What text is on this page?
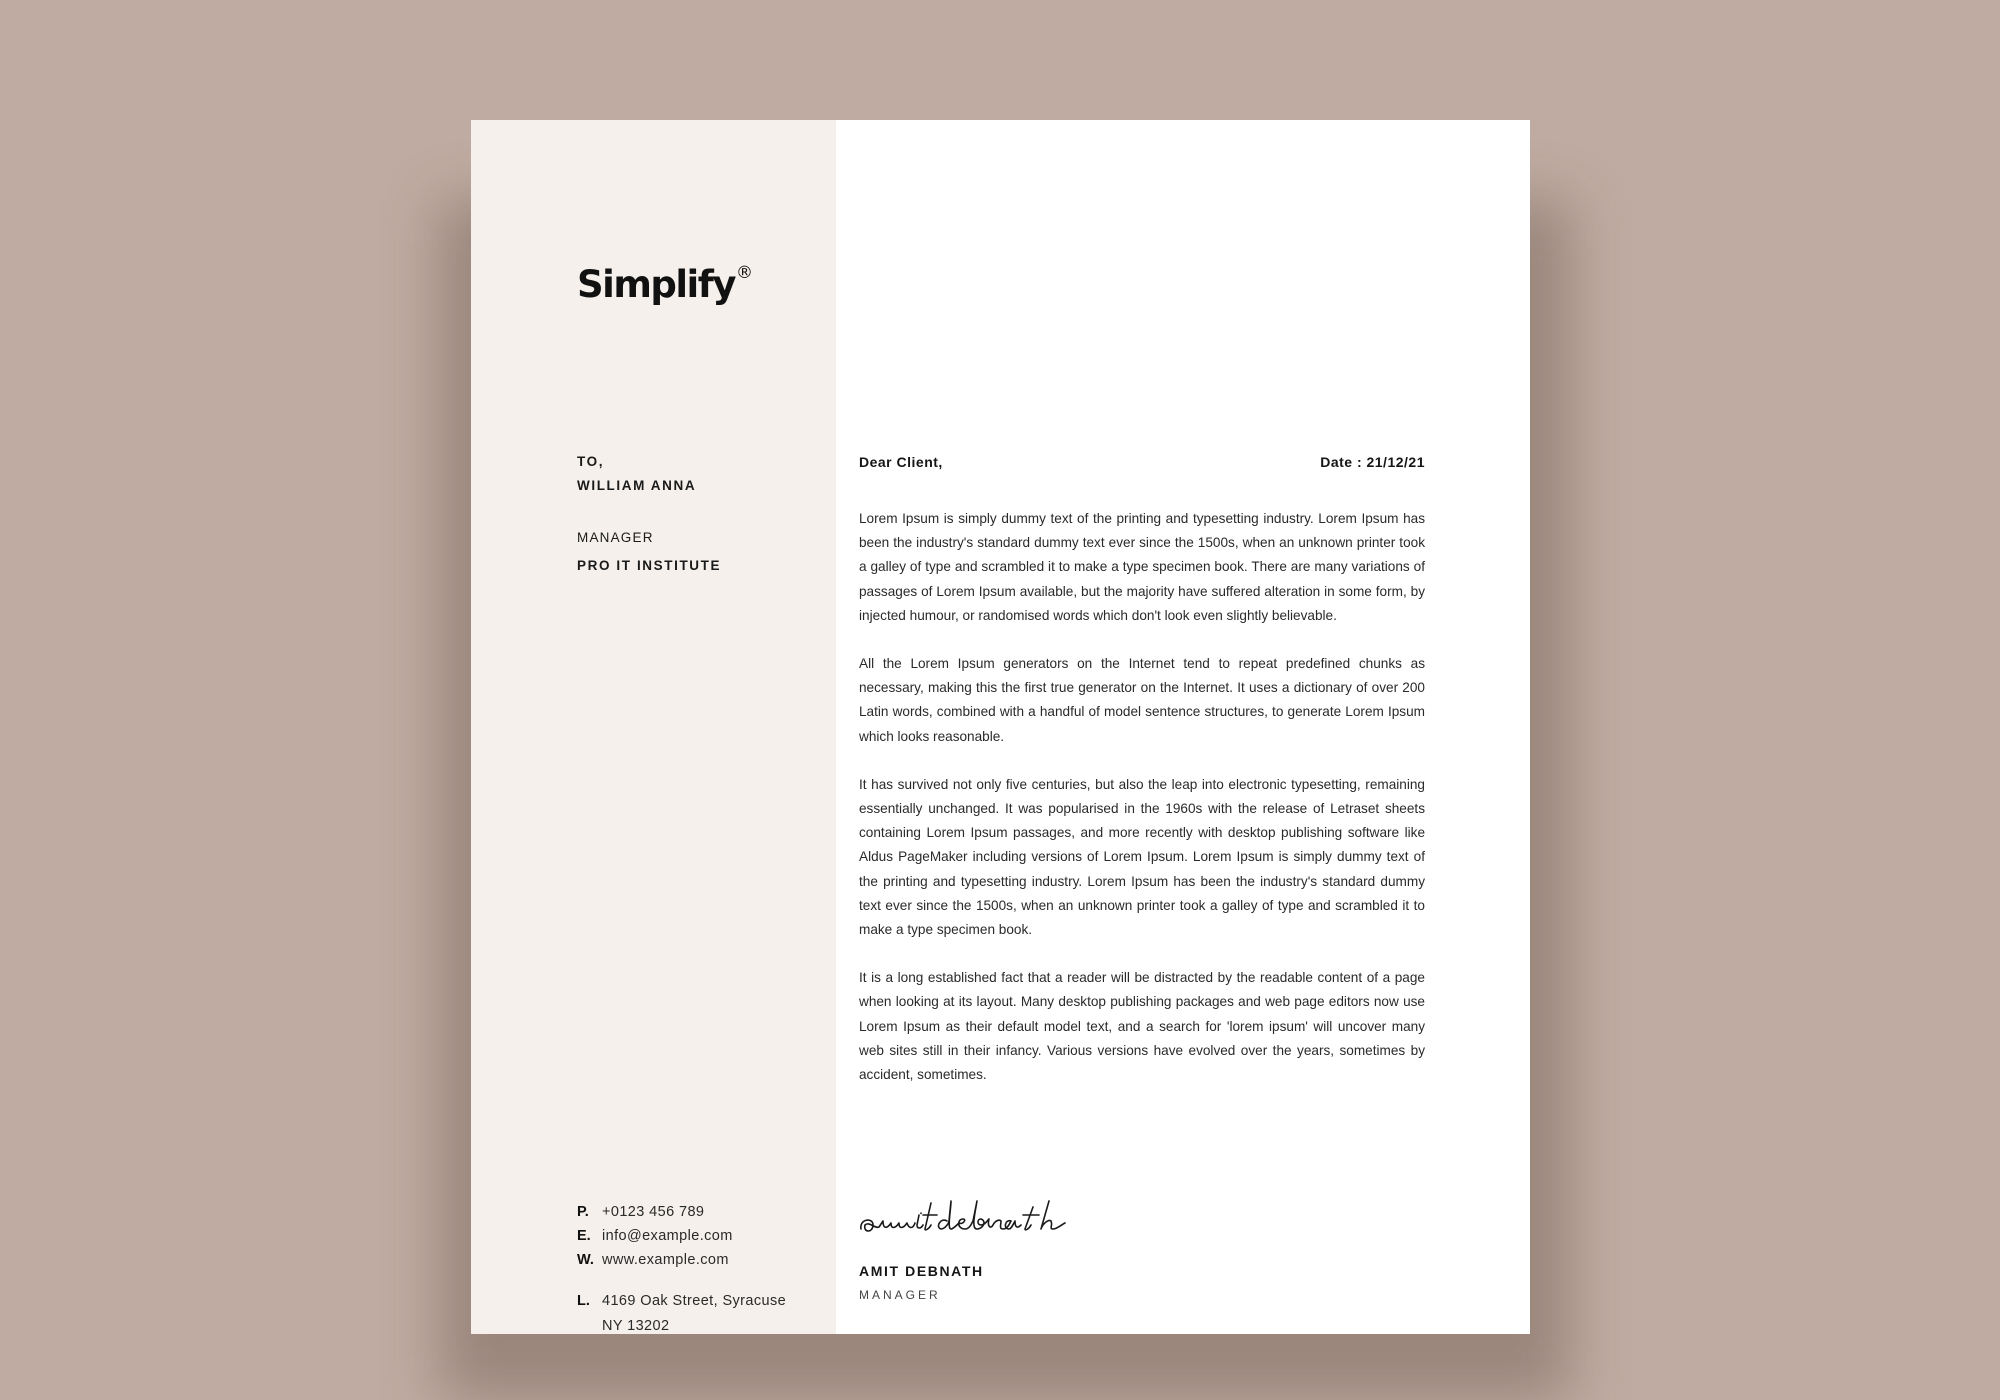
Simplify®
TO,
WILLIAM ANNA
MANAGER
PRO IT INSTITUTE
P. +0123 456 789
E. info@example.com
W. www.example.com
L. 4169 Oak Street, Syracuse
NY 13202
Dear Client,	Date : 21/12/21

Lorem Ipsum is simply dummy text of the printing and typesetting industry. Lorem Ipsum has been the industry's standard dummy text ever since the 1500s, when an unknown printer took a galley of type and scrambled it to make a type specimen book. There are many variations of passages of Lorem Ipsum available, but the majority have suffered alteration in some form, by injected humour, or randomised words which don't look even slightly believable.

All the Lorem Ipsum generators on the Internet tend to repeat predefined chunks as necessary, making this the first true generator on the Internet. It uses a dictionary of over 200 Latin words, combined with a handful of model sentence structures, to generate Lorem Ipsum which looks reasonable.

It has survived not only five centuries, but also the leap into electronic typesetting, remaining essentially unchanged. It was popularised in the 1960s with the release of Letraset sheets containing Lorem Ipsum passages, and more recently with desktop publishing software like Aldus PageMaker including versions of Lorem Ipsum. Lorem Ipsum is simply dummy text of the printing and typesetting industry. Lorem Ipsum has been the industry's standard dummy text ever since the 1500s, when an unknown printer took a galley of type and scrambled it to make a type specimen book.

It is a long established fact that a reader will be distracted by the readable content of a page when looking at its layout. Many desktop publishing packages and web page editors now use Lorem Ipsum as their default model text, and a search for 'lorem ipsum' will uncover many web sites still in their infancy. Various versions have evolved over the years, sometimes by accident, sometimes.

AMIT DEBNATH
MANAGER
